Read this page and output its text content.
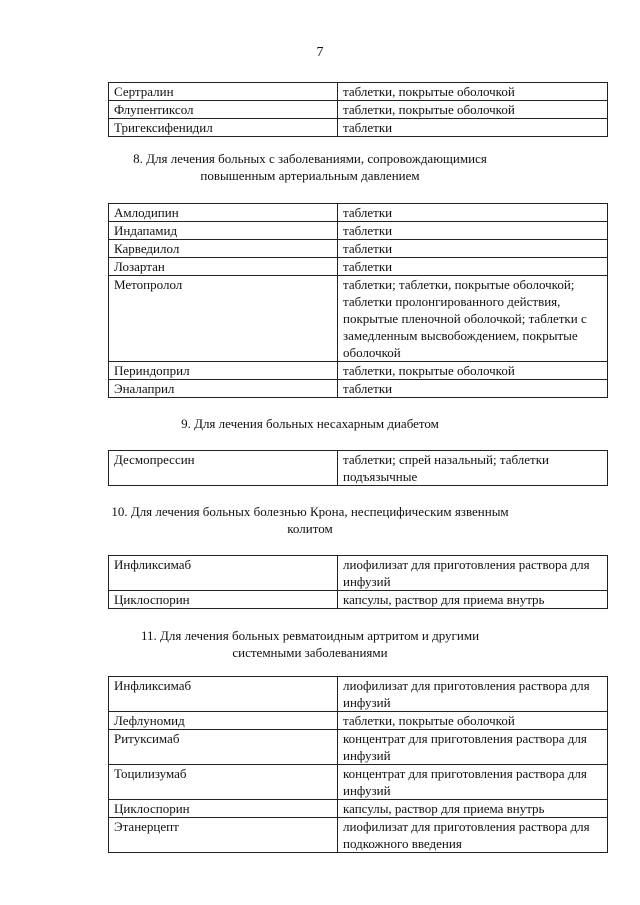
7
Сертралин	таблетки, покрытые оболочкой
Флупентиксол	таблетки, покрытые оболочкой
Тригексифенидил	таблетки
8. Для лечения больных с заболеваниями, сопровождающимися повышенным артериальным давлением
Амлодипин	таблетки
Индапамид	таблетки
Карведилол	таблетки
Лозартан	таблетки
Метопролол	таблетки; таблетки, покрытые оболочкой; таблетки пролонгированного действия, покрытые пленочной оболочкой; таблетки с замедленным высвобождением, покрытые оболочкой
Периндоприл	таблетки, покрытые оболочкой
Эналаприл	таблетки
9. Для лечения больных несахарным диабетом
Десмопрессин	таблетки; спрей назальный; таблетки подъязычные
10. Для лечения больных болезнью Крона, неспецифическим язвенным колитом
Инфликсимаб	лиофилизат для приготовления раствора для инфузий
Циклоспорин	капсулы, раствор для приема внутрь
11. Для лечения больных ревматоидным артритом и другими системными заболеваниями
Инфликсимаб	лиофилизат для приготовления раствора для инфузий
Лефлуномид	таблетки, покрытые оболочкой
Ритуксимаб	концентрат для приготовления раствора для инфузий
Тоцилизумаб	концентрат для приготовления раствора для инфузий
Циклоспорин	капсулы, раствор для приема внутрь
Этанерцепт	лиофилизат для приготовления раствора для подкожного введения
